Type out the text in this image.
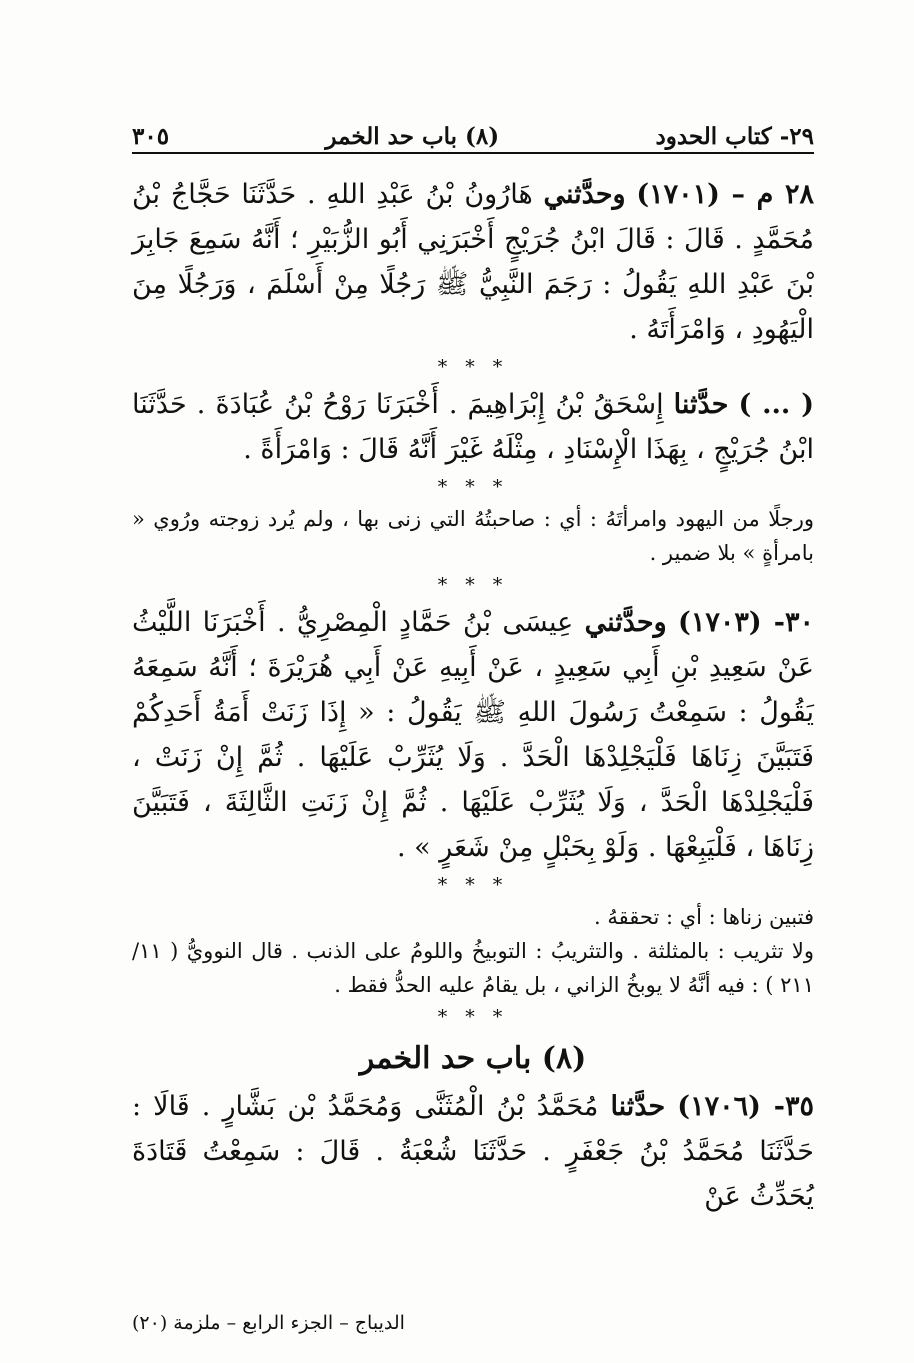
٢٩- كتاب الحدود
(٨) باب حد الخمر
٣٠٥

٢٨ م – (١٧٠١) وحدَّثني هَارُونُ بْنُ عَبْدِ اللهِ . حَدَّثَنَا حَجَّاجُ بْنُ مُحَمَّدٍ . قَالَ : قَالَ ابْنُ جُرَيْجٍ أَخْبَرَنِي أَبُو الزُّبَيْرِ ؛ أَنَّهُ سَمِعَ جَابِرَ بْنَ عَبْدِ اللهِ يَقُولُ : رَجَمَ النَّبِيُّ ﷺ رَجُلًا مِنْ أَسْلَمَ ، وَرَجُلًا مِنَ الْيَهُودِ ، وَامْرَأَتَهُ .

* * *

( ... ) حدَّثنا إِسْحَقُ بْنُ إِبْرَاهِيمَ . أَخْبَرَنَا رَوْحُ بْنُ عُبَادَةَ . حَدَّثَنَا ابْنُ جُرَيْجٍ ، بِهَذَا الْإِسْنَادِ ، مِثْلَهُ غَيْرَ أَنَّهُ قَالَ : وَامْرَأَةً .

* * *

ورجلًا من اليهود وامرأتَهُ : أي : صاحبتُهُ التي زنى بها ، ولم يُرد زوجته ورُوي « بامرأةٍ » بلا ضمير .

* * *

٣٠- (١٧٠٣) وحدَّثني عِيسَى بْنُ حَمَّادٍ الْمِصْرِيُّ . أَخْبَرَنَا اللَّيْثُ عَنْ سَعِيدِ بْنِ أَبِي سَعِيدٍ ، عَنْ أَبِيهِ عَنْ أَبِي هُرَيْرَةَ ؛ أَنَّهُ سَمِعَهُ يَقُولُ : سَمِعْتُ رَسُولَ اللهِ ﷺ يَقُولُ : « إِذَا زَنَتْ أَمَةُ أَحَدِكُمْ فَتَبَيَّنَ زِنَاهَا فَلْيَجْلِدْهَا الْحَدَّ . وَلَا يُثَرِّبْ عَلَيْهَا . ثُمَّ إِنْ زَنَتْ ، فَلْيَجْلِدْهَا الْحَدَّ ، وَلَا يُثَرِّبْ عَلَيْهَا . ثُمَّ إِنْ زَنَتِ الثَّالِثَةَ ، فَتَبَيَّنَ زِنَاهَا ، فَلْيَبِعْهَا . وَلَوْ بِحَبْلٍ مِنْ شَعَرٍ » .

* * *

فتبين زناها : أي : تحققهُ .

ولا تثريب : بالمثلثة . والتثريبُ : التوبيخُ واللومُ على الذنب . قال النوويُّ ( ١١/ ٢١١ ) : فيه أنَّهُ لا يوبخُ الزاني ، بل يقامُ عليه الحدُّ فقط .

* * *
(٨) باب حد الخمر

٣٥- (١٧٠٦) حدَّثنا مُحَمَّدُ بْنُ الْمُثَنَّى وَمُحَمَّدُ بْن بَشَّارٍ . قَالَا : حَدَّثَنَا مُحَمَّدُ بْنُ جَعْفَرٍ . حَدَّثَنَا شُعْبَةُ . قَالَ : سَمِعْتُ قَتَادَةَ يُحَدِّثُ عَنْ

الديباج – الجزء الرابع – ملزمة (٢٠)
